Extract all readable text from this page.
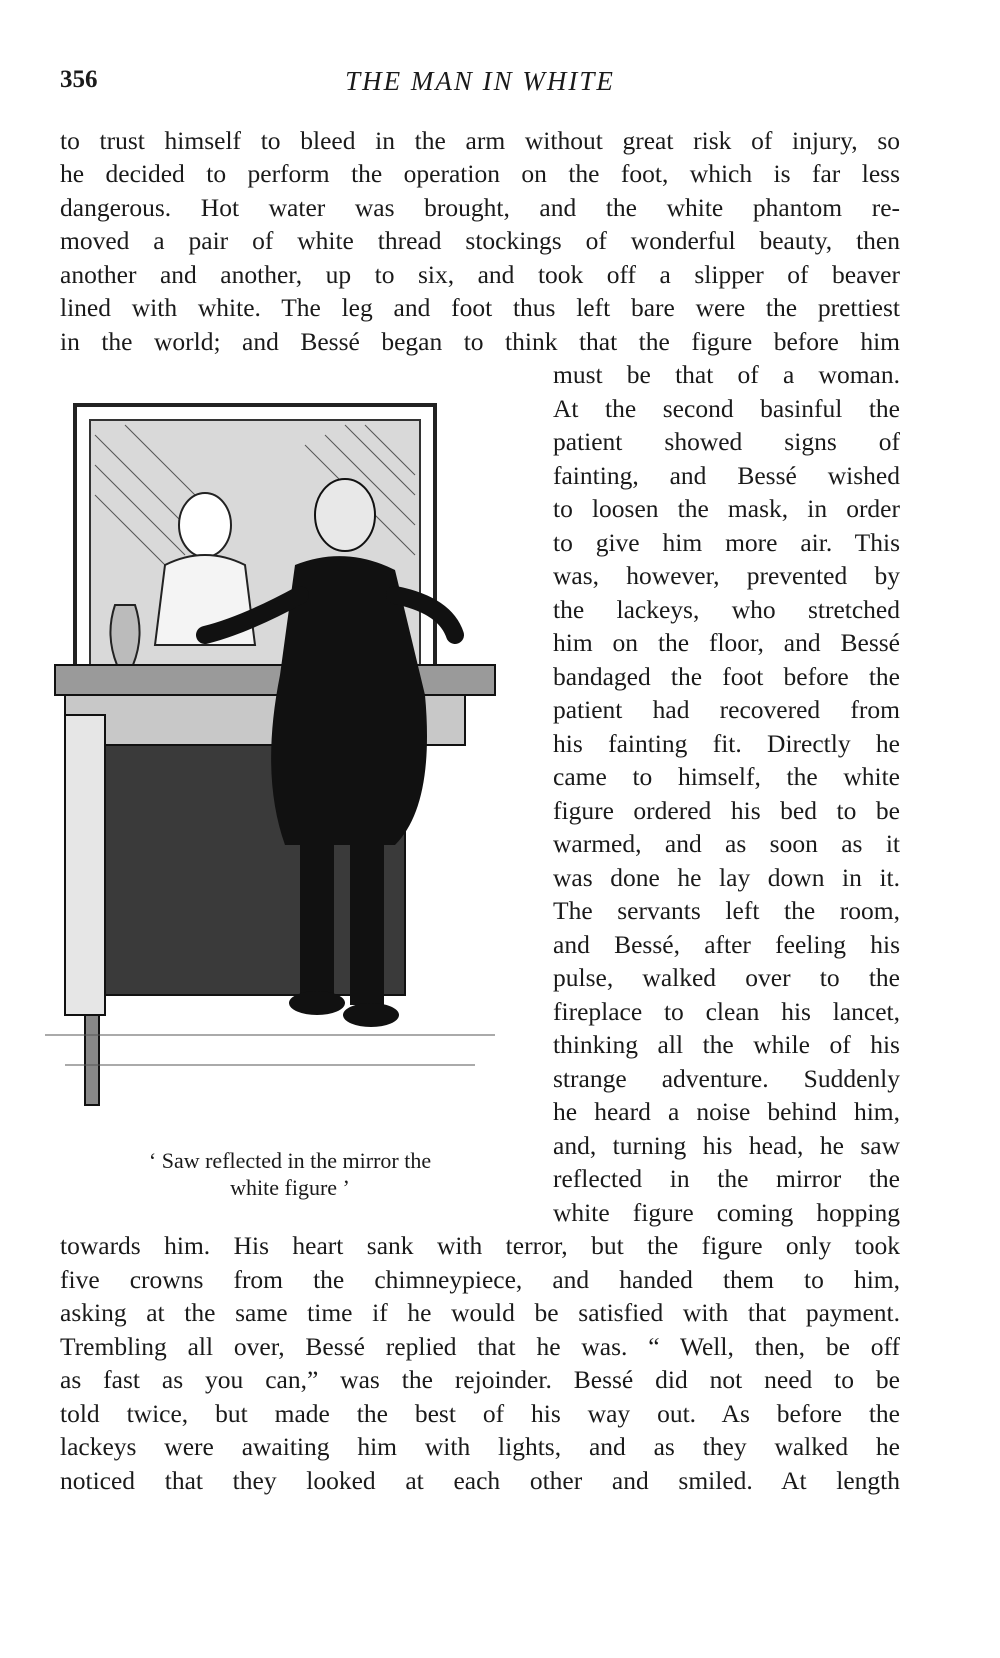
356	THE MAN IN WHITE
to trust himself to bleed in the arm without great risk of injury, so
he decided to perform the operation on the foot, which is far less
dangerous. Hot water was brought, and the white phantom re-
moved a pair of white thread stockings of wonderful beauty, then
another and another, up to six, and took off a slipper of beaver
lined with white. The leg and foot thus left bare were the prettiest
in the world; and Bessé began to think that the figure before him
‘ Saw reflected in the mirror the
white figure ’
must be that of a woman.
At the second basinful the
patient showed signs of
fainting, and Bessé wished
to loosen the mask, in order
to give him more air. This
was, however, prevented by
the lackeys, who stretched
him on the floor, and Bessé
bandaged the foot before the
patient had recovered from
his fainting fit. Directly he
came to himself, the white
figure ordered his bed to be
warmed, and as soon as it
was done he lay down in it.
The servants left the room,
and Bessé, after feeling his
pulse, walked over to the
fireplace to clean his lancet,
thinking all the while of his
strange adventure. Suddenly
he heard a noise behind him,
and, turning his head, he saw
reflected in the mirror the
white figure coming hopping
towards him. His heart sank with terror, but the figure only took
five crowns from the chimneypiece, and handed them to him,
asking at the same time if he would be satisfied with that payment.
Trembling all over, Bessé replied that he was. “ Well, then, be off
as fast as you can,” was the rejoinder. Bessé did not need to be
told twice, but made the best of his way out. As before the
lackeys were awaiting him with lights, and as they walked he
noticed that they looked at each other and smiled. At length
